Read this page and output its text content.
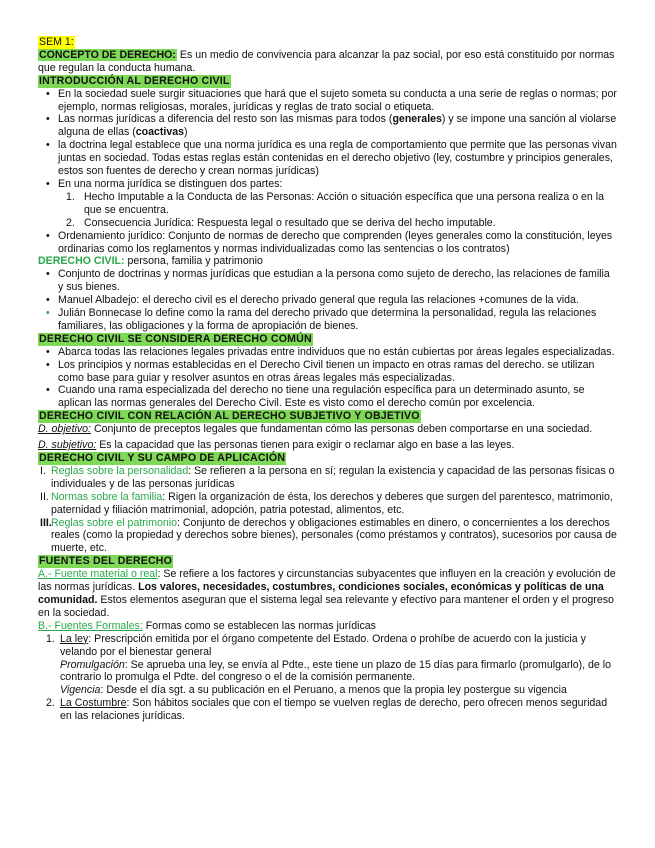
SEM 1:

CONCEPTO DE DERECHO: Es un medio de convivencia para alcanzar la paz social, por eso está constituido por normas que regulan la conducta humana.

INTRODUCCIÓN AL DERECHO CIVIL
• En la sociedad suele surgir situaciones que hará que el sujeto someta su conducta a una serie de reglas o normas; por ejemplo, normas religiosas, morales, jurídicas y reglas de trato social o etiqueta.
• Las normas jurídicas a diferencia del resto son las mismas para todos (generales) y se impone una sanción al violarse alguna de ellas (coactivas)
• la doctrina legal establece que una norma jurídica es una regla de comportamiento que permite que las personas vivan juntas en sociedad. Todas estas reglas están contenidas en el derecho objetivo (ley, costumbre y principios generales, estos son fuentes de derecho y crean normas jurídicas)
• En una norma jurídica se distinguen dos partes:
1. Hecho Imputable a la Conducta de las Personas: Acción o situación específica que una persona realiza o en la que se encuentra.
2. Consecuencia Jurídica: Respuesta legal o resultado que se deriva del hecho imputable.
• Ordenamiento jurídico: Conjunto de normas de derecho que comprenden (leyes generales como la constitución, leyes ordinarias como los reglamentos y normas individualizadas como las sentencias o los contratos)

DERECHO CIVIL: persona, familia y patrimonio

• Conjunto de doctrinas y normas jurídicas que estudian a la persona como sujeto de derecho, las relaciones de familia y sus bienes.
• Manuel Albadejo: el derecho civil es el derecho privado general que regula las relaciones +comunes de la vida.
• Julián Bonnecase lo define como la rama del derecho privado que determina la personalidad, regula las relaciones familiares, las obligaciones y la forma de apropiación de bienes.
DERECHO CIVIL SE CONSIDERA DERECHO COMÚN
• Abarca todas las relaciones legales privadas entre individuos que no están cubiertas por áreas legales especializadas.
• Los principios y normas establecidas en el Derecho Civil tienen un impacto en otras ramas del derecho. se utilizan como base para guiar y resolver asuntos en otras áreas legales más especializadas.
• Cuando una rama especializada del derecho no tiene una regulación específica para un determinado asunto, se aplican las normas generales del Derecho Civil. Este es visto como el derecho común por excelencia.
DERECHO CIVIL CON RELACIÓN AL DERECHO SUBJETIVO Y OBJETIVO

D. objetivo: Conjunto de preceptos legales que fundamentan cómo las personas deben comportarse en una sociedad.

D. subjetivo: Es la capacidad que las personas tienen para exigir o reclamar algo en base a las leyes.

DERECHO CIVIL Y SU CAMPO DE APLICACIÓN
I. Reglas sobre la personalidad: Se refieren a la persona en sí; regulan la existencia y capacidad de las personas físicas o individuales y de las personas jurídicas
II. Normas sobre la familia: Rigen la organización de ésta, los derechos y deberes que surgen del parentesco, matrimonio, paternidad y filiación matrimonial, adopción, patria potestad, alimentos, etc.
III. Reglas sobre el patrimonio: Conjunto de derechos y obligaciones estimables en dinero, o concernientes a los derechos reales (como la propiedad y derechos sobre bienes), personales (como préstamos y contratos), sucesorios por causa de muerte, etc.
FUENTES DEL DERECHO

A.- Fuente material o real: Se refiere a los factores y circunstancias subyacentes que influyen en la creación y evolución de las normas jurídicas. Los valores, necesidades, costumbres, condiciones sociales, económicas y políticas de una comunidad. Estos elementos aseguran que el sistema legal sea relevante y efectivo para mantener el orden y el progreso en la sociedad.

B.- Fuentes Formales: Formas como se establecen las normas jurídicas

1. La ley: Prescripción emitida por el órgano competente del Estado. Ordena o prohíbe de acuerdo con la justicia y velando por el bienestar general
Promulgación: Se aprueba una ley, se envía al Pdte., este tiene un plazo de 15 días para firmarlo (promulgarlo), de lo contrario lo promulga el Pdte. del congreso o el de la comisión permanente.
Vigencia: Desde el día sgt. a su publicación en el Peruano, a menos que la propia ley postergue su vigencia
2. La Costumbre: Son hábitos sociales que con el tiempo se vuelven reglas de derecho, pero ofrecen menos seguridad en las relaciones jurídicas.
